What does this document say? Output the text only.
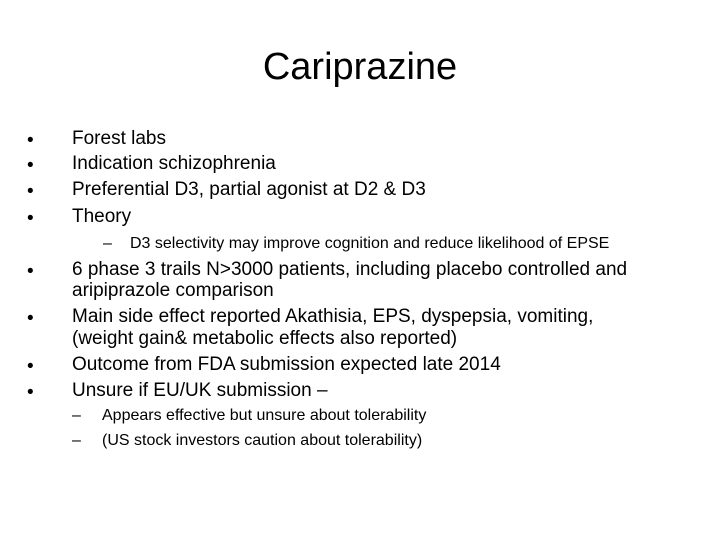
Cariprazine
• Forest labs
• Indication schizophrenia
• Preferential D3, partial agonist at D2 & D3
• Theory
– D3 selectivity may improve cognition and reduce likelihood of EPSE
• 6 phase 3 trails N>3000 patients, including placebo controlled and
aripiprazole comparison
• Main side effect reported Akathisia, EPS, dyspepsia, vomiting,
(weight gain& metabolic effects also reported)
• Outcome from FDA submission expected late 2014
• Unsure if EU/UK submission –
– Appears effective but unsure about tolerability
– (US stock investors caution about tolerability)
